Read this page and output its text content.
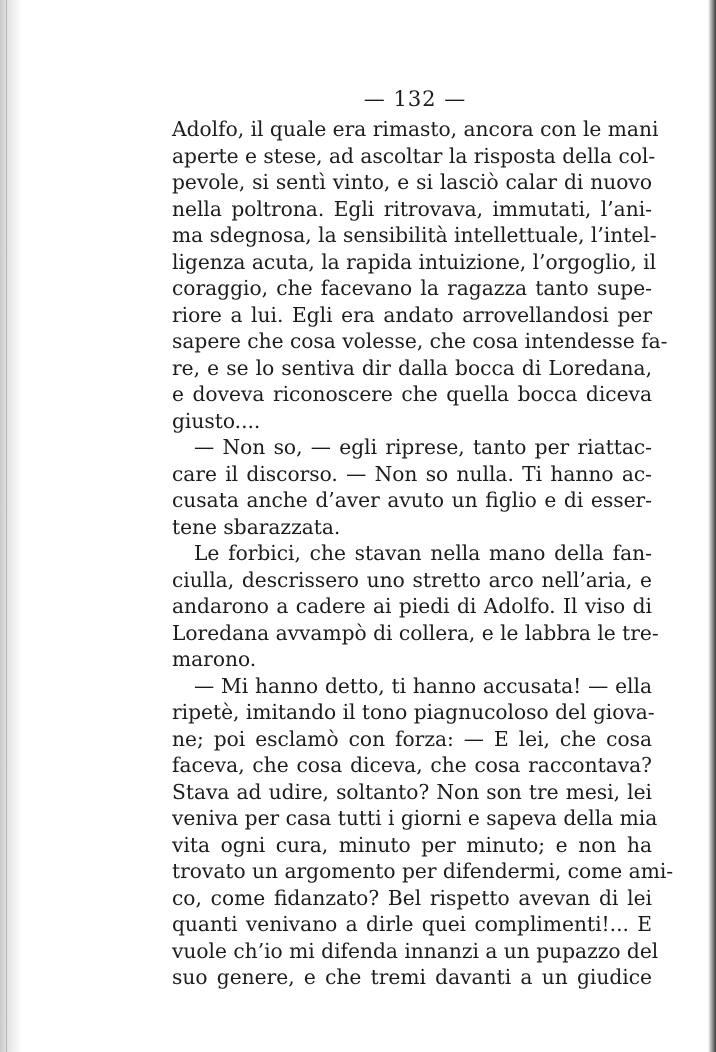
— 132 —
Adolfo, il quale era rimasto, ancora con le mani
aperte e stese, ad ascoltar la risposta della col-
pevole, si sentì vinto, e si lasciò calar di nuovo
nella poltrona. Egli ritrovava, immutati, l’ani-
ma sdegnosa, la sensibilità intellettuale, l’intel-
ligenza acuta, la rapida intuizione, l’orgoglio, il
coraggio, che facevano la ragazza tanto supe-
riore a lui. Egli era andato arrovellandosi per
sapere che cosa volesse, che cosa intendesse fa-
re, e se lo sentiva dir dalla bocca di Loredana,
e doveva riconoscere che quella bocca diceva
giusto....
— Non so, — egli riprese, tanto per riattac-
care il discorso. — Non so nulla. Ti hanno ac-
cusata anche d’aver avuto un figlio e di esser-
tene sbarazzata.
Le forbici, che stavan nella mano della fan-
ciulla, descrissero uno stretto arco nell’aria, e
andarono a cadere ai piedi di Adolfo. Il viso di
Loredana avvampò di collera, e le labbra le tre-
marono.
— Mi hanno detto, ti hanno accusata! — ella
ripetè, imitando il tono piagnucoloso del giova-
ne; poi esclamò con forza: — E lei, che cosa
faceva, che cosa diceva, che cosa raccontava?
Stava ad udire, soltanto? Non son tre mesi, lei
veniva per casa tutti i giorni e sapeva della mia
vita ogni cura, minuto per minuto; e non ha
trovato un argomento per difendermi, come ami-
co, come fidanzato? Bel rispetto avevan di lei
quanti venivano a dirle quei complimenti!... E
vuole ch’io mi difenda innanzi a un pupazzo del
suo genere, e che tremi davanti a un giudice
